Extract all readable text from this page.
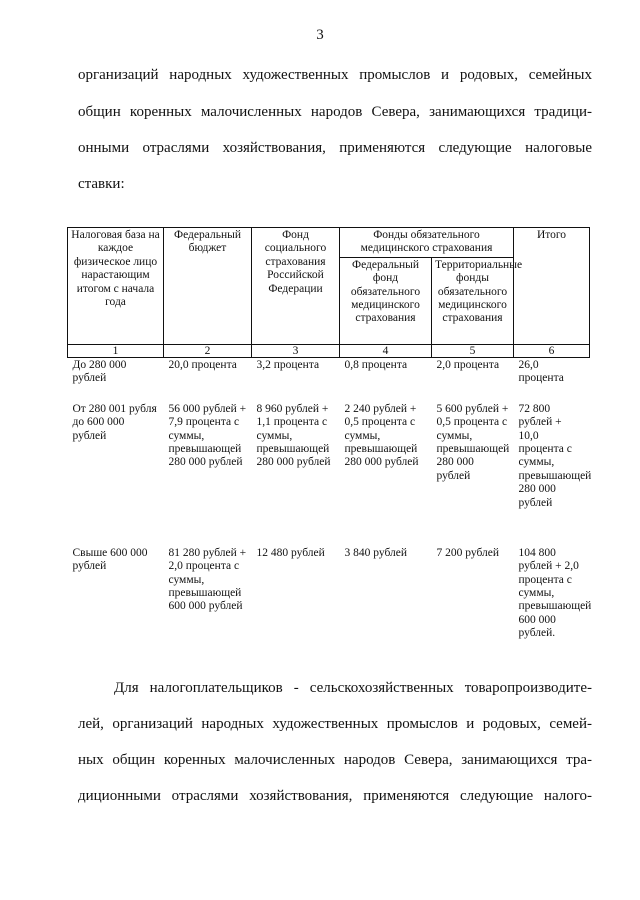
3
организаций народных художественных промыслов и родовых, семейных
общин коренных малочисленных народов Севера, занимающихся традици-
онными отраслями хозяйствования, применяются следующие налоговые
ставки:
Налоговая база на каждое физическое лицо нарастающим итогом с начала года	Федеральный бюджет	Фонд социального страхования Российской Федерации	Фонды обязательного медицинского страхования		Итого
			Федеральный фонд обязательного медицинского страхования	Территориальные фонды обязательного медицинского страхования	
1	2	3	4	5	6
До 280 000 рублей	20,0 процента	3,2 процента	0,8 процента	2,0 процента	26,0 процента
От 280 001 рубля до 600 000 рублей	56 000 рублей + 7,9 процента с суммы, превышающей 280 000 рублей	8 960 рублей + 1,1 процента с суммы, превышающей 280 000 рублей	2 240 рублей + 0,5 процента с суммы, превышающей 280 000 рублей	5 600 рублей + 0,5 процента с суммы, превышающей 280 000 рублей	72 800 рублей + 10,0 процента с суммы, превышающей 280 000 рублей
Свыше 600 000 рублей	81 280 рублей + 2,0 процента с суммы, превышающей 600 000 рублей	12 480 рублей	3 840 рублей	7 200 рублей	104 800 рублей + 2,0 процента с суммы, превышающей 600 000 рублей.
Для налогоплательщиков - сельскохозяйственных товаропроизводите-
лей, организаций народных художественных промыслов и родовых, семей-
ных общин коренных малочисленных народов Севера, занимающихся тра-
диционными отраслями хозяйствования, применяются следующие налого-
